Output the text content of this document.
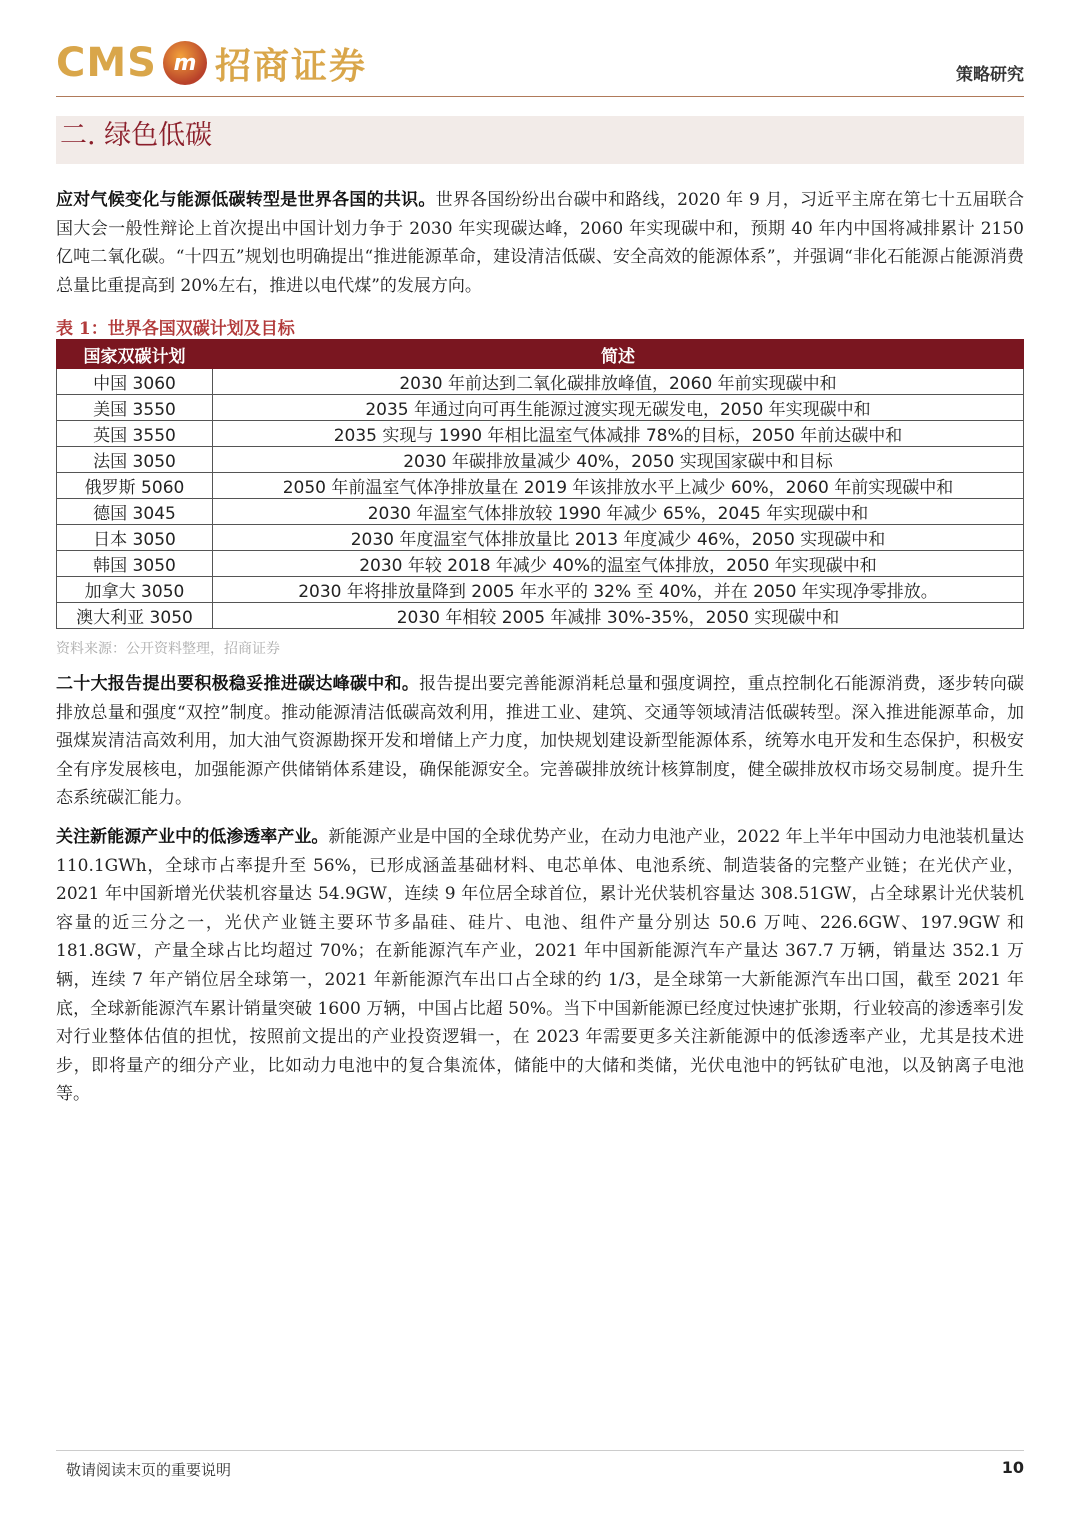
CMS m 招商证券	策略研究
二. 绿色低碳
应对气候变化与能源低碳转型是世界各国的共识。世界各国纷纷出台碳中和路线，2020 年 9 月，习近平主席在第七十五届联合国大会一般性辩论上首次提出中国计划力争于 2030 年实现碳达峰，2060 年实现碳中和，预期 40 年内中国将减排累计 2150 亿吨二氧化碳。“十四五”规划也明确提出“推进能源革命，建设清洁低碳、安全高效的能源体系”，并强调“非化石能源占能源消费总量比重提高到 20%左右，推进以电代煤”的发展方向。
表 1：世界各国双碳计划及目标
国家双碳计划	简述
中国 3060	2030 年前达到二氧化碳排放峰值，2060 年前实现碳中和
美国 3550	2035 年通过向可再生能源过渡实现无碳发电，2050 年实现碳中和
英国 3550	2035 实现与 1990 年相比温室气体减排 78%的目标，2050 年前达碳中和
法国 3050	2030 年碳排放量减少 40%，2050 实现国家碳中和目标
俄罗斯 5060	2050 年前温室气体净排放量在 2019 年该排放水平上减少 60%，2060 年前实现碳中和
德国 3045	2030 年温室气体排放较 1990 年减少 65%，2045 年实现碳中和
日本 3050	2030 年度温室气体排放量比 2013 年度减少 46%，2050 实现碳中和
韩国 3050	2030 年较 2018 年减少 40%的温室气体排放，2050 年实现碳中和
加拿大 3050	2030 年将排放量降到 2005 年水平的 32% 至 40%，并在 2050 年实现净零排放。
澳大利亚 3050	2030 年相较 2005 年减排 30%-35%，2050 实现碳中和
资料来源：公开资料整理，招商证券
二十大报告提出要积极稳妥推进碳达峰碳中和。报告提出要完善能源消耗总量和强度调控，重点控制化石能源消费，逐步转向碳排放总量和强度“双控”制度。推动能源清洁低碳高效利用，推进工业、建筑、交通等领域清洁低碳转型。深入推进能源革命，加强煤炭清洁高效利用，加大油气资源勘探开发和增储上产力度，加快规划建设新型能源体系，统筹水电开发和生态保护，积极安全有序发展核电，加强能源产供储销体系建设，确保能源安全。完善碳排放统计核算制度，健全碳排放权市场交易制度。提升生态系统碳汇能力。
关注新能源产业中的低渗透率产业。新能源产业是中国的全球优势产业，在动力电池产业，2022 年上半年中国动力电池装机量达 110.1GWh，全球市占率提升至 56%，已形成涵盖基础材料、电芯单体、电池系统、制造装备的完整产业链；在光伏产业，2021 年中国新增光伏装机容量达 54.9GW，连续 9 年位居全球首位，累计光伏装机容量达 308.51GW，占全球累计光伏装机容量的近三分之一，光伏产业链主要环节多晶硅、硅片、电池、组件产量分别达 50.6 万吨、226.6GW、197.9GW 和 181.8GW，产量全球占比均超过 70%；在新能源汽车产业，2021 年中国新能源汽车产量达 367.7 万辆，销量达 352.1 万辆，连续 7 年产销位居全球第一，2021 年新能源汽车出口占全球的约 1/3，是全球第一大新能源汽车出口国，截至 2021 年底，全球新能源汽车累计销量突破 1600 万辆，中国占比超 50%。当下中国新能源已经度过快速扩张期，行业较高的渗透率引发对行业整体估值的担忧，按照前文提出的产业投资逻辑一，在 2023 年需要更多关注新能源中的低渗透率产业，尤其是技术进步，即将量产的细分产业，比如动力电池中的复合集流体，储能中的大储和类储，光伏电池中的钙钛矿电池，以及钠离子电池等。
敬请阅读末页的重要说明	10
